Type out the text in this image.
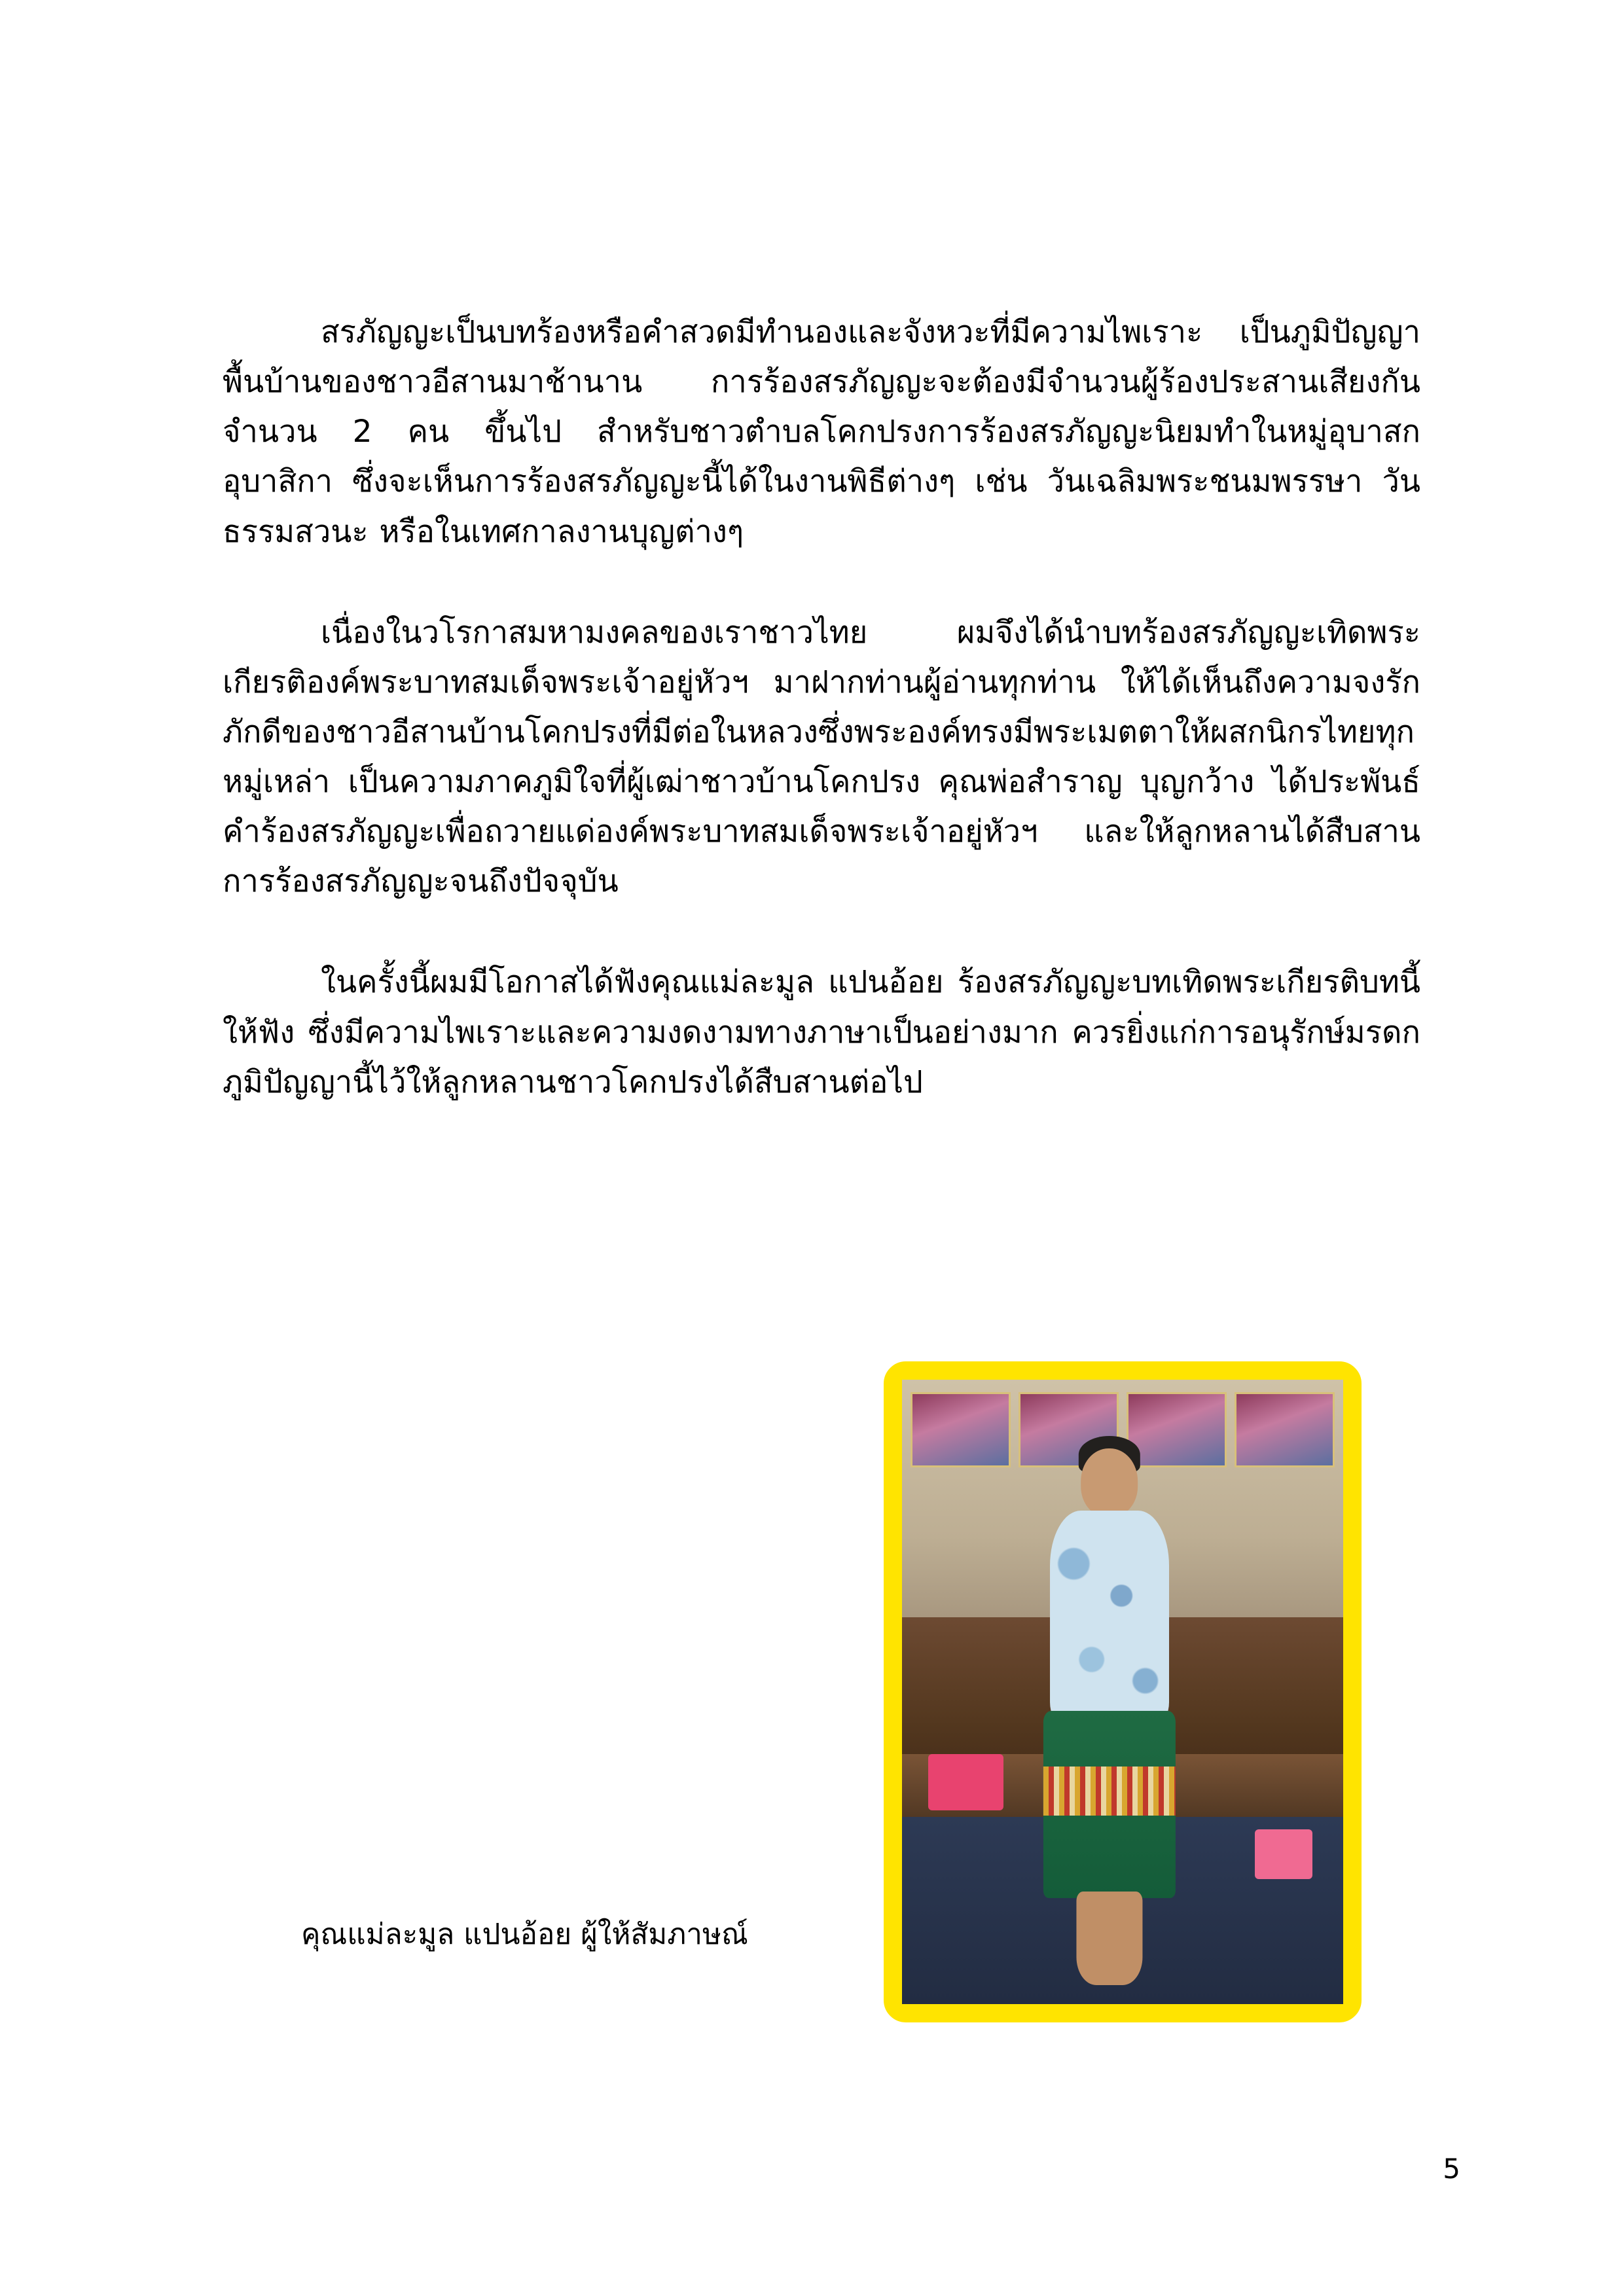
สรภัญญะเป็นบทร้องหรือคำสวดมีทำนองและจังหวะที่มีความไพเราะ เป็นภูมิปัญญาพื้นบ้านของชาวอีสานมาช้านาน การร้องสรภัญญะจะต้องมีจำนวนผู้ร้องประสานเสียงกัน จำนวน 2 คน ขึ้นไป สำหรับชาวตำบลโคกปรงการร้องสรภัญญะนิยมทำในหมู่อุบาสก อุบาสิกา ซึ่งจะเห็นการร้องสรภัญญะนี้ได้ในงานพิธีต่างๆ เช่น วันเฉลิมพระชนมพรรษา วันธรรมสวนะ หรือในเทศกาลงานบุญต่างๆ

เนื่องในวโรกาสมหามงคลของเราชาวไทย ผมจึงได้นำบทร้องสรภัญญะเทิดพระเกียรติองค์พระบาทสมเด็จพระเจ้าอยู่หัวฯ มาฝากท่านผู้อ่านทุกท่าน ให้ได้เห็นถึงความจงรักภักดีของชาวอีสานบ้านโคกปรงที่มีต่อในหลวงซึ่งพระองค์ทรงมีพระเมตตาให้ผสกนิกรไทยทุกหมู่เหล่า เป็นความภาคภูมิใจที่ผู้เฒ่าชาวบ้านโคกปรง คุณพ่อสำราญ บุญกว้าง ได้ประพันธ์คำร้องสรภัญญะเพื่อถวายแด่องค์พระบาทสมเด็จพระเจ้าอยู่หัวฯ และให้ลูกหลานได้สืบสานการร้องสรภัญญะจนถึงปัจจุบัน

ในครั้งนี้ผมมีโอกาสได้ฟังคุณแม่ละมูล แปนอ้อย ร้องสรภัญญะบทเทิดพระเกียรติบทนี้ให้ฟัง ซึ่งมีความไพเราะและความงดงามทางภาษาเป็นอย่างมาก ควรยิ่งแก่การอนุรักษ์มรดกภูมิปัญญานี้ไว้ให้ลูกหลานชาวโคกปรงได้สืบสานต่อไป

คุณแม่ละมูล แปนอ้อย ผู้ให้สัมภาษณ์
5
